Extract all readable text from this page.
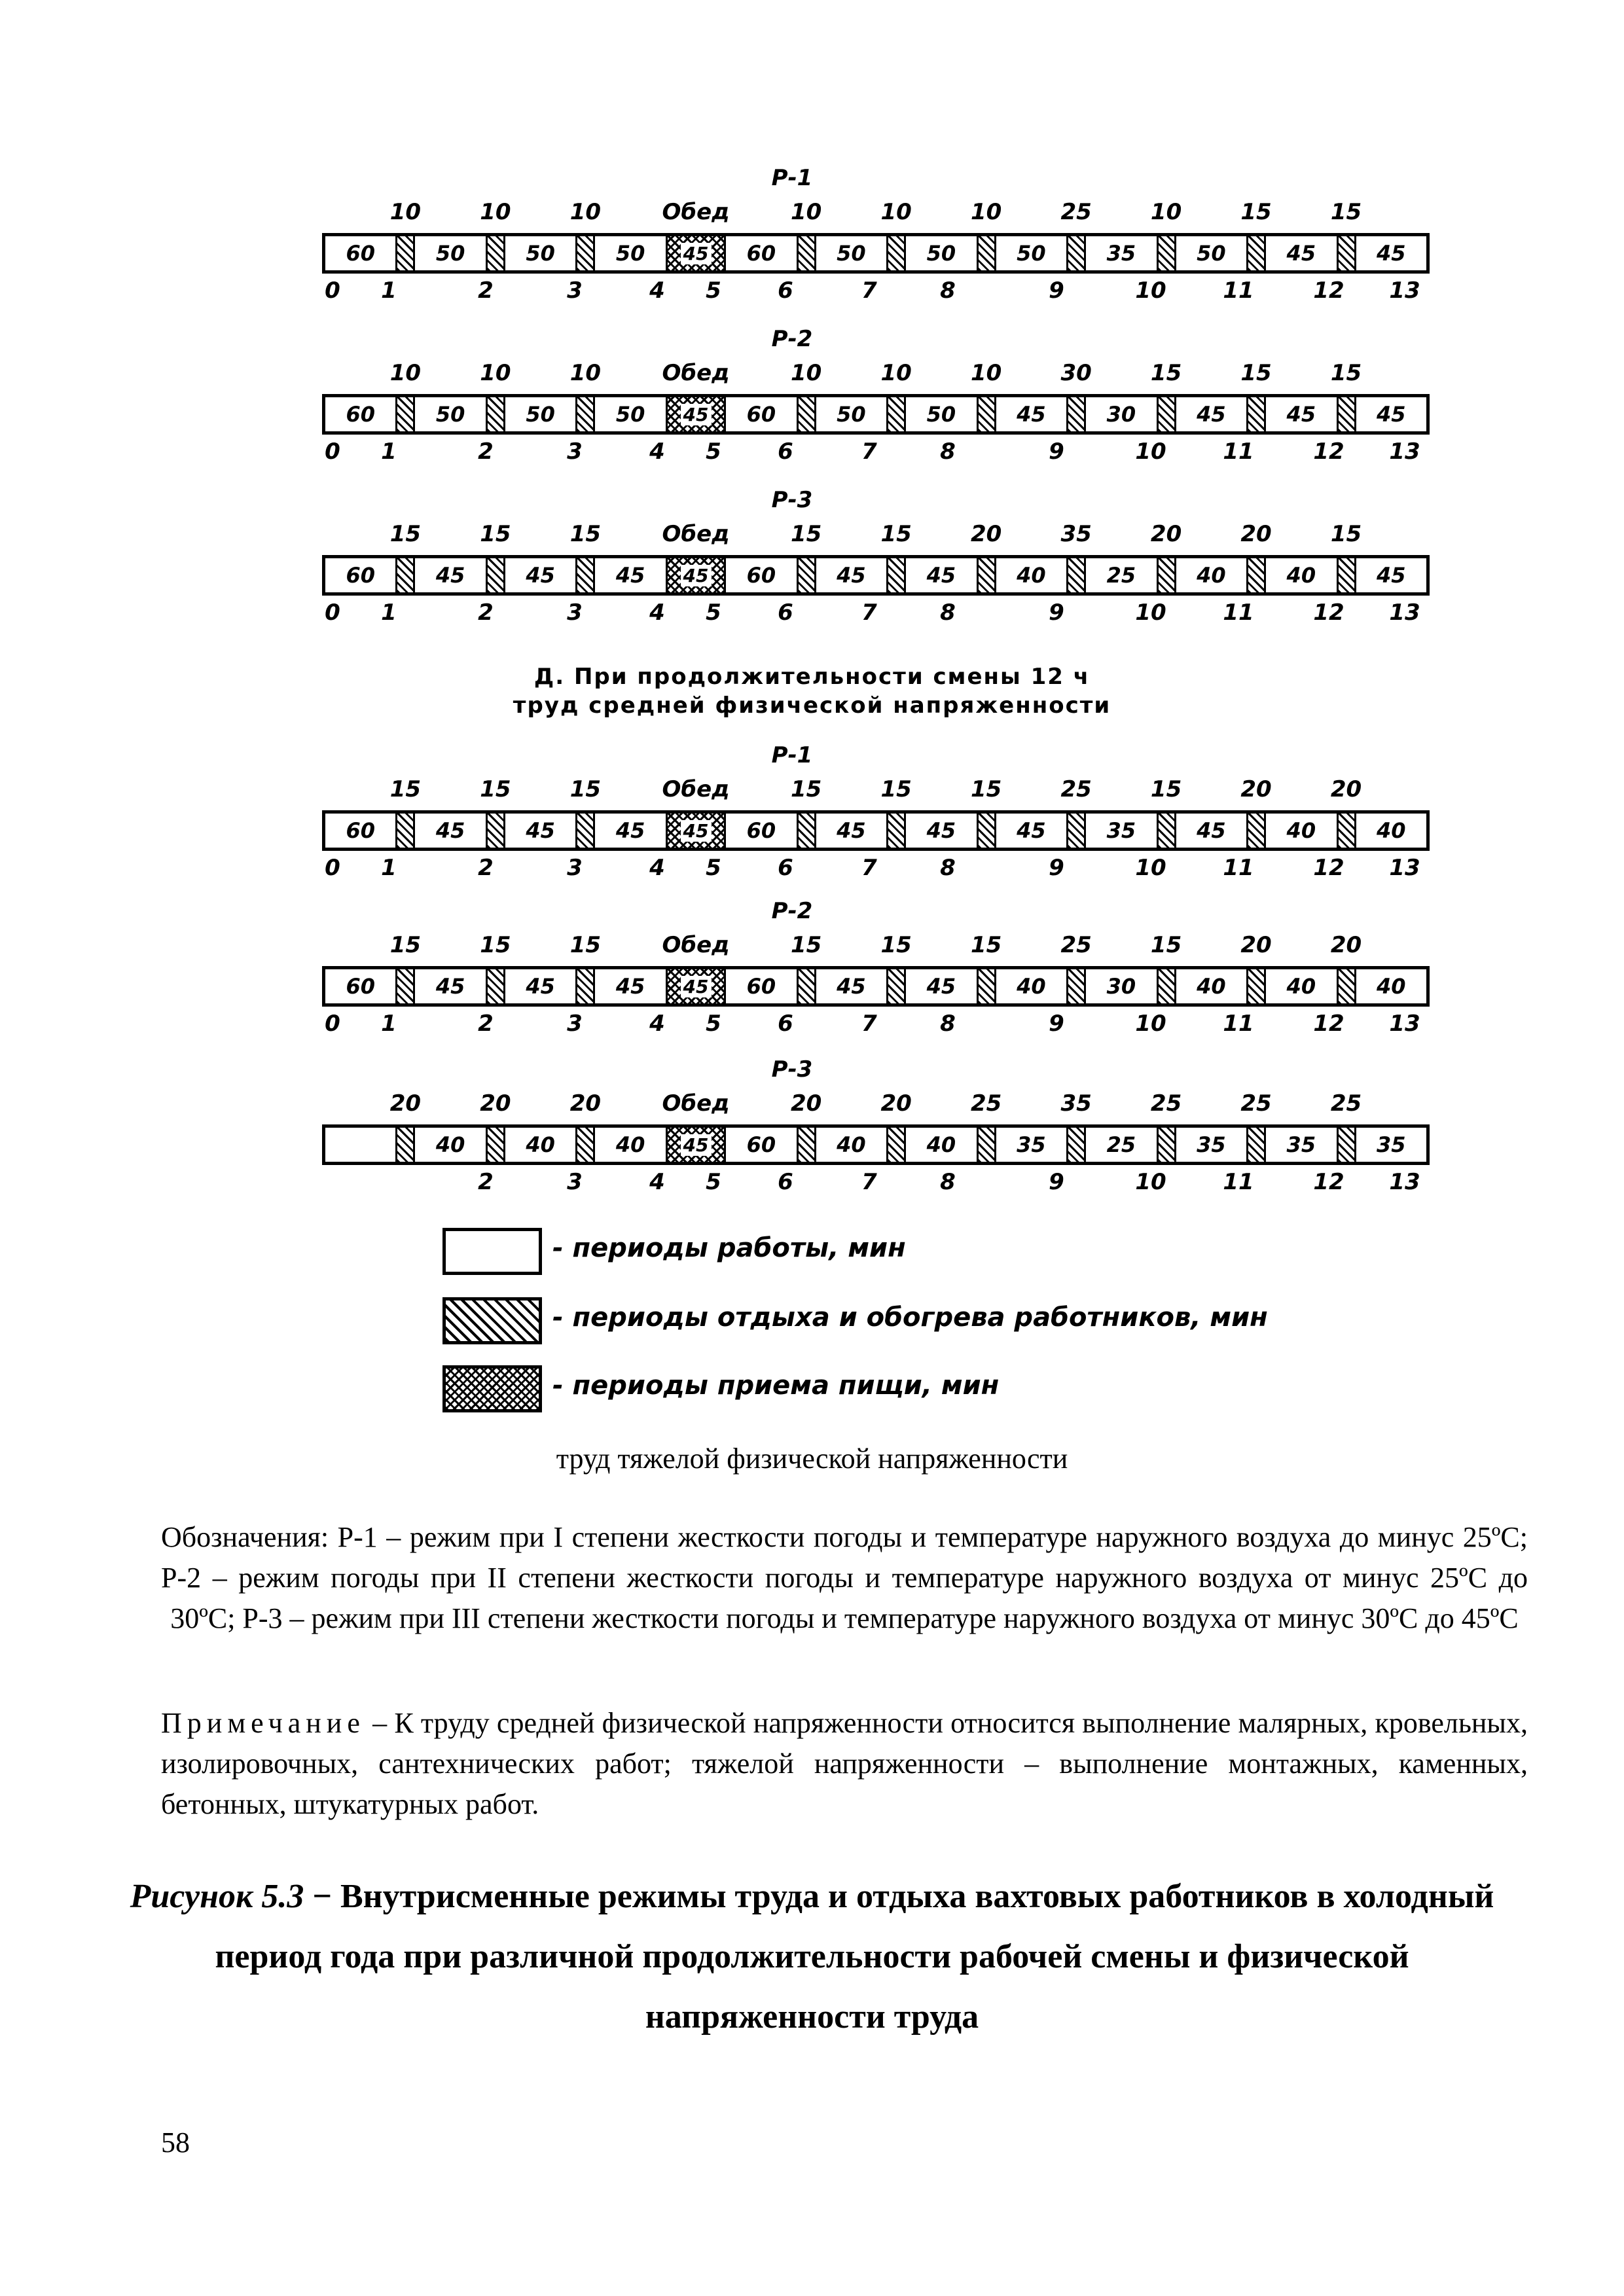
Р-1
60	50	50	50 45 60	50	50	50	35	50	45	45
10	10	10	Обед	10	10	10	25	10	15	15
0 1	2	3	4 5	6	7	8	9	10	11	12 13
Р-2
60	50	50	50 45 60	50	50	45	30	45	45	45
10	10	10	Обед	10	10	10	30	15	15	15
0 1	2	3	4 5	6	7	8	9	10	11	12 13
Р-3
60	45	45	45 45 60	45	45	40	25	40	40	45
15	15	15	Обед	15	15	20	35	20	20	15
0 1	2	3	4 5	6	7	8	9	10	11	12 13
Д. При продолжительности смены 12 ч
труд средней физической напряженности
Р-1
60	45	45	45 45 60	45	45	45	35	45	40	40
15	15	15	Обед	15	15	15	25	15	20	20
0 1	2	3	4 5	6	7	8	9	10	11	12 13
Р-2
60	45	45	45 45 60	45	45	40	30	40	40	40
15	15	15	Обед	15	15	15	25	15	20	20
0 1	2	3	4 5	6	7	8	9	10	11	12 13
Р-3
40	40	40 45 60	40	40	35	25	35	35	35
20	20	20	Обед	20	20	25	35	25	25	25
2	3	4 5	6	7	8	9	10	11	12 13
- периоды работы, мин
- периоды отдыха и обогрева работников, мин
- периоды приема пищи, мин
труд тяжелой физической напряженности
Обозначения: Р-1 – режим при I степени жесткости погоды и температуре наружного воздуха до минус 25ºС; Р-2 – режим погоды при II степени жесткости погоды и температуре наружного воздуха от минус 25ºС до 30ºС; Р-3 – режим при III степени жесткости погоды и температуре наружного воздуха от минус 30ºС до 45ºС
Примечание – К труду средней физической напряженности относится выполнение малярных, кровельных, изолировочных, сантехнических работ; тяжелой напряженности – выполнение монтажных, каменных, бетонных, штукатурных работ.
Рисунок 5.3 − Внутрисменные режимы труда и отдыха вахтовых работников в холодный период года при различной продолжительности рабочей смены и физической напряженности труда
58
